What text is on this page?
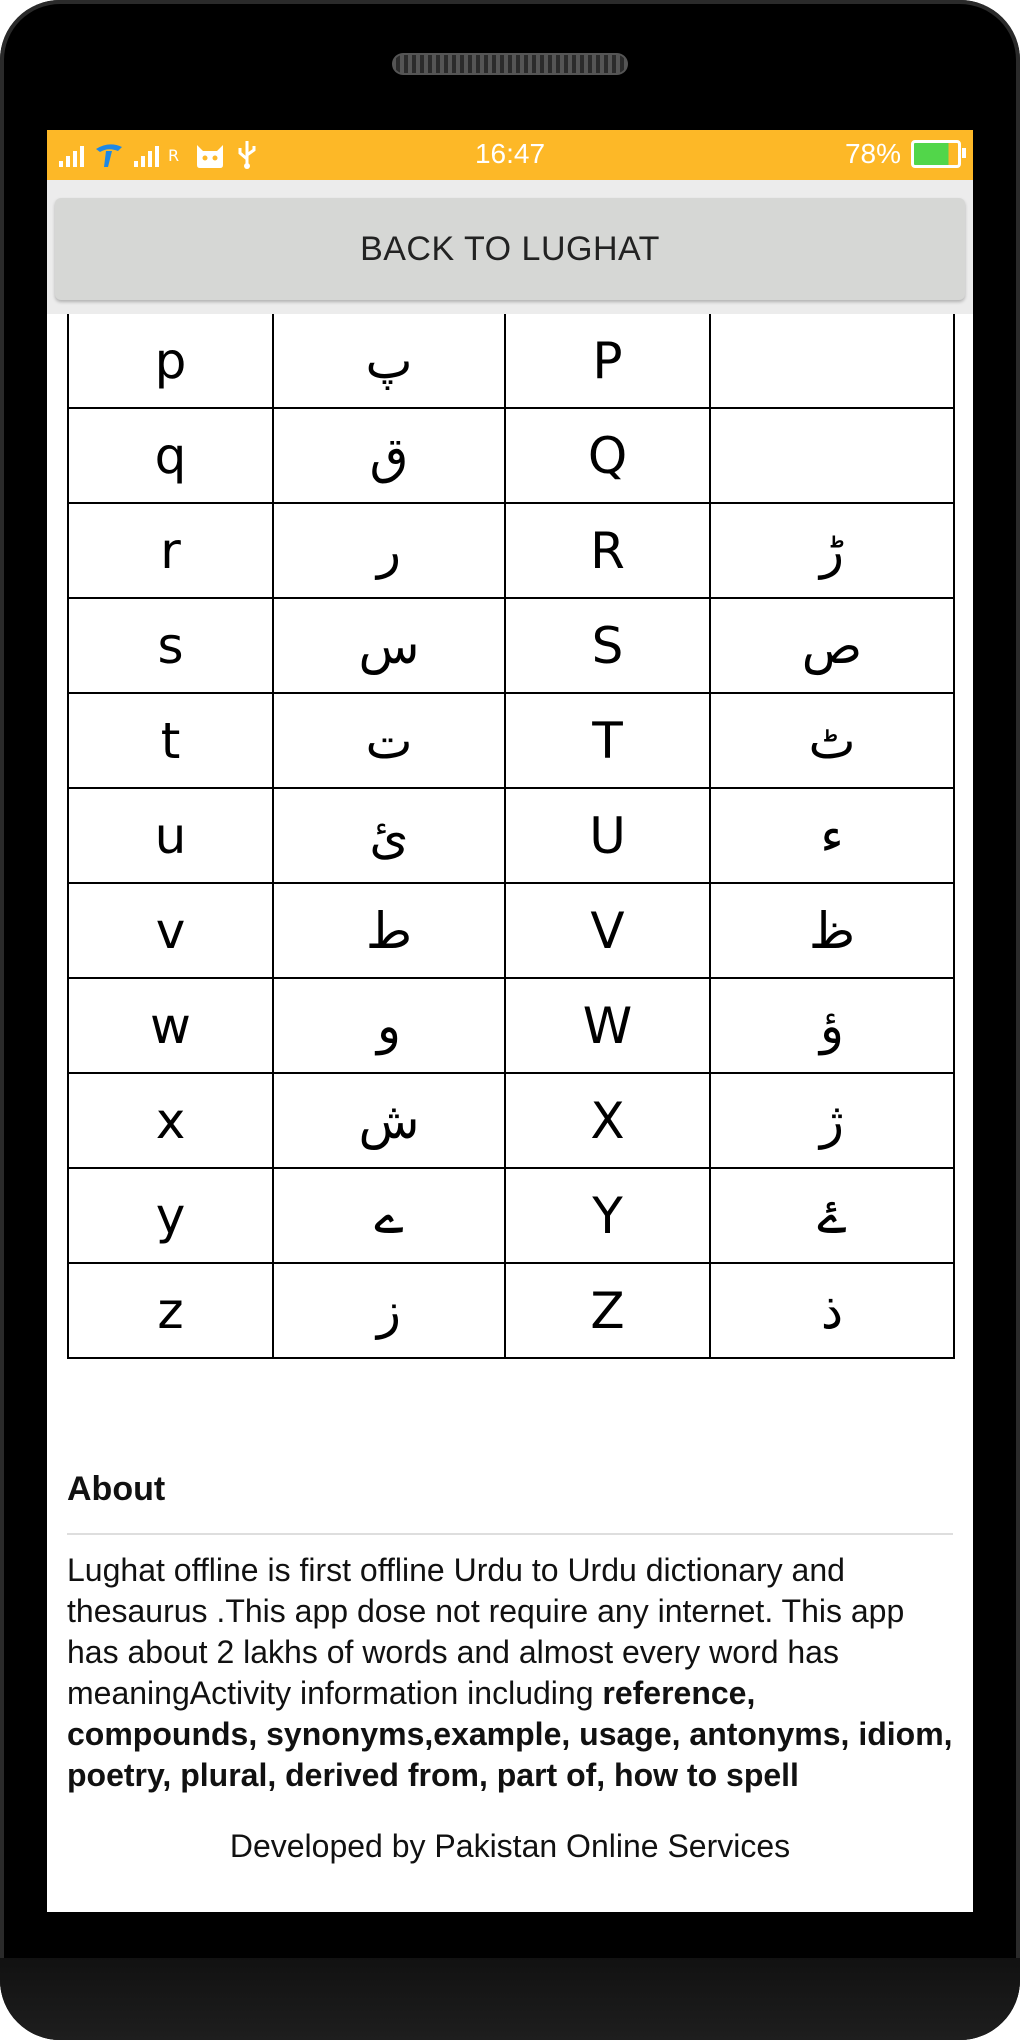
R	16:47	78%
BACK TO LUGHAT
p	پ	P	
q	ق	Q	
r	ر	R	ڑ
s	س	S	ص
t	ت	T	ٹ
u	ئ	U	ء
v	ط	V	ظ
w	و	W	ؤ
x	ش	X	ژ
y	ے	Y	ۓ
z	ز	Z	ذ
About
Lughat offline is first offline Urdu to Urdu dictionary and thesaurus .This app dose not require any internet. This app has about 2 lakhs of words and almost every word has meaningActivity information including reference, compounds, synonyms,example, usage, antonyms, idiom, poetry, plural, derived from, part of, how to spell
Developed by Pakistan Online Services
